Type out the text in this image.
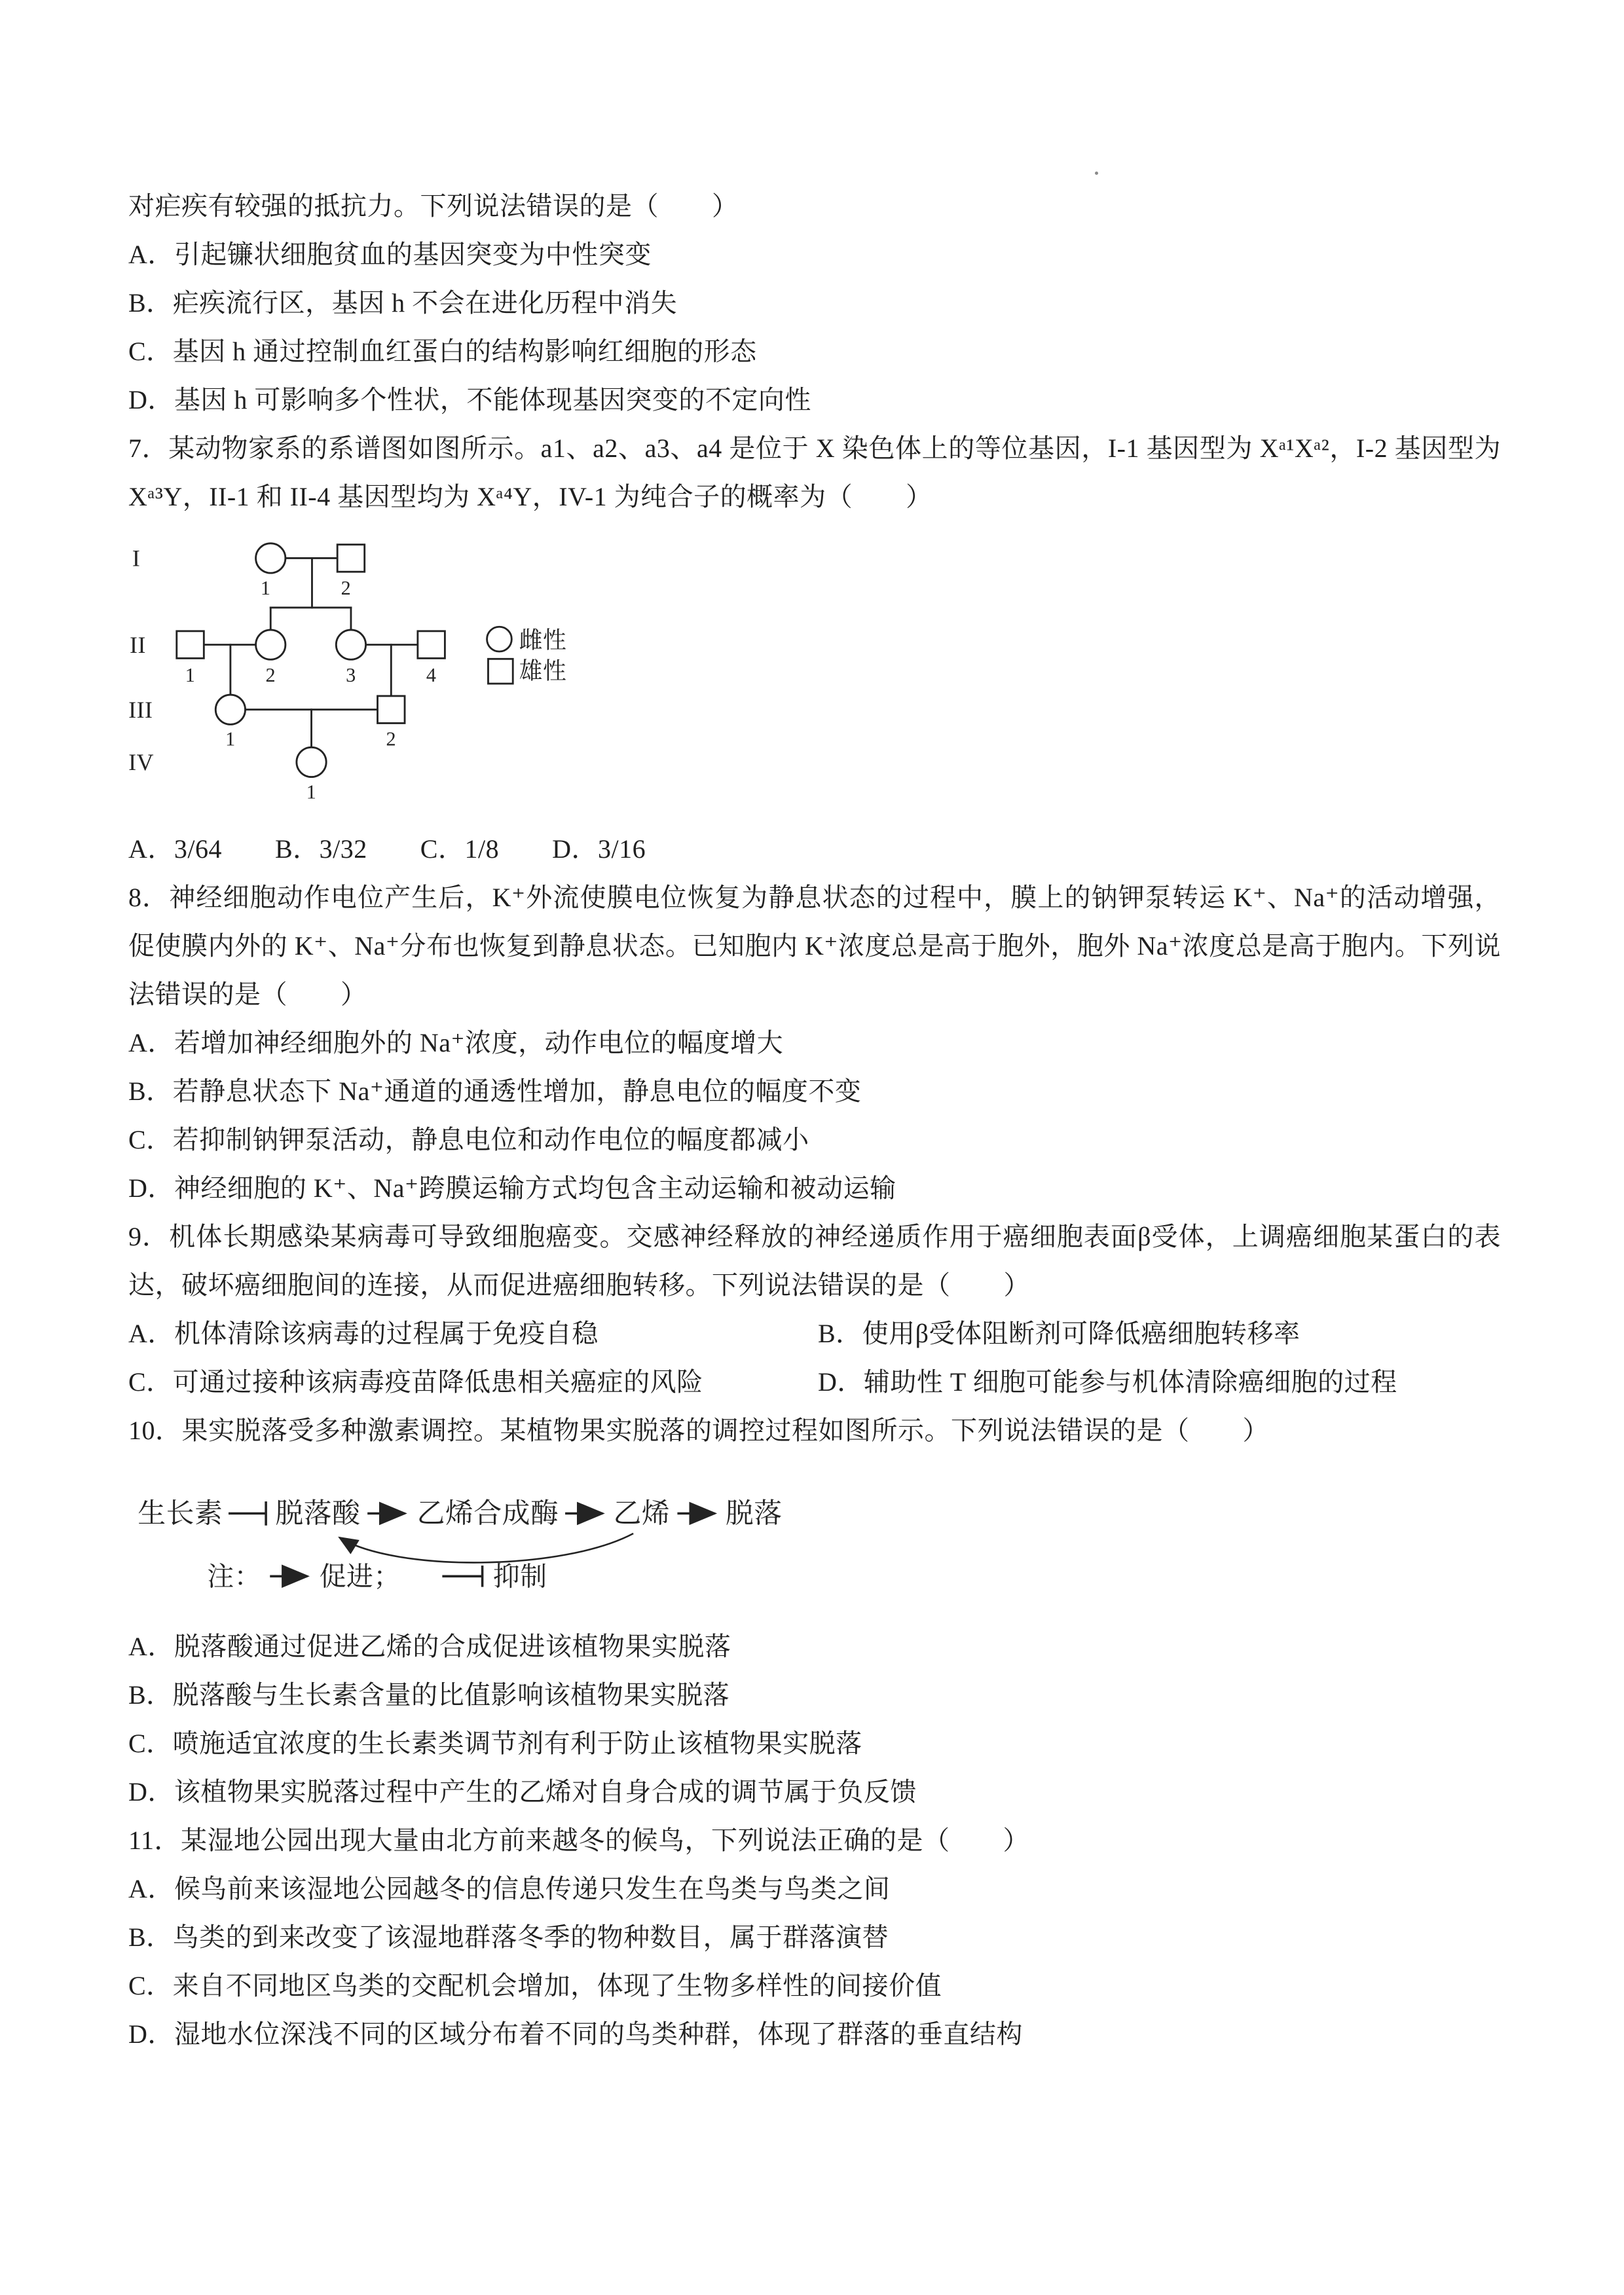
对疟疾有较强的抵抗力。下列说法错误的是（　　）

A．引起镰状细胞贫血的基因突变为中性突变

B．疟疾流行区，基因 h 不会在进化历程中消失

C．基因 h 通过控制血红蛋白的结构影响红细胞的形态

D．基因 h 可影响多个性状，不能体现基因突变的不定向性

7．某动物家系的系谱图如图所示。a1、a2、a3、a4 是位于 X 染色体上的等位基因，I-1 基因型为 Xᵃ¹Xᵃ²，I-2 基因型为 Xᵃ³Y，II-1 和 II-4 基因型均为 Xᵃ⁴Y，IV-1 为纯合子的概率为（　　）

I
II
III
IV
1	2
1	2	3	4
1	2
1
雌性
雄性

A．3/64　　B．3/32　　C．1/8　　D．3/16

8．神经细胞动作电位产生后，K⁺外流使膜电位恢复为静息状态的过程中，膜上的钠钾泵转运 K⁺、Na⁺的活动增强，促使膜内外的 K⁺、Na⁺分布也恢复到静息状态。已知胞内 K⁺浓度总是高于胞外，胞外 Na⁺浓度总是高于胞内。下列说法错误的是（　　）

A．若增加神经细胞外的 Na⁺浓度，动作电位的幅度增大

B．若静息状态下 Na⁺通道的通透性增加，静息电位的幅度不变

C．若抑制钠钾泵活动，静息电位和动作电位的幅度都减小

D．神经细胞的 K⁺、Na⁺跨膜运输方式均包含主动运输和被动运输

9．机体长期感染某病毒可导致细胞癌变。交感神经释放的神经递质作用于癌细胞表面β受体，上调癌细胞某蛋白的表达，破坏癌细胞间的连接，从而促进癌细胞转移。下列说法错误的是（　　）

A．机体清除该病毒的过程属于免疫自稳	B．使用β受体阻断剂可降低癌细胞转移率

C．可通过接种该病毒疫苗降低患相关癌症的风险	D．辅助性 T 细胞可能参与机体清除癌细胞的过程

10．果实脱落受多种激素调控。某植物果实脱落的调控过程如图所示。下列说法错误的是（　　）

生长素 脱落酸 乙烯合成酶 乙烯 脱落
注： 促进；	抑制

A．脱落酸通过促进乙烯的合成促进该植物果实脱落

B．脱落酸与生长素含量的比值影响该植物果实脱落

C．喷施适宜浓度的生长素类调节剂有利于防止该植物果实脱落

D．该植物果实脱落过程中产生的乙烯对自身合成的调节属于负反馈

11．某湿地公园出现大量由北方前来越冬的候鸟，下列说法正确的是（　　）

A．候鸟前来该湿地公园越冬的信息传递只发生在鸟类与鸟类之间

B．鸟类的到来改变了该湿地群落冬季的物种数目，属于群落演替

C．来自不同地区鸟类的交配机会增加，体现了生物多样性的间接价值

D．湿地水位深浅不同的区域分布着不同的鸟类种群，体现了群落的垂直结构
